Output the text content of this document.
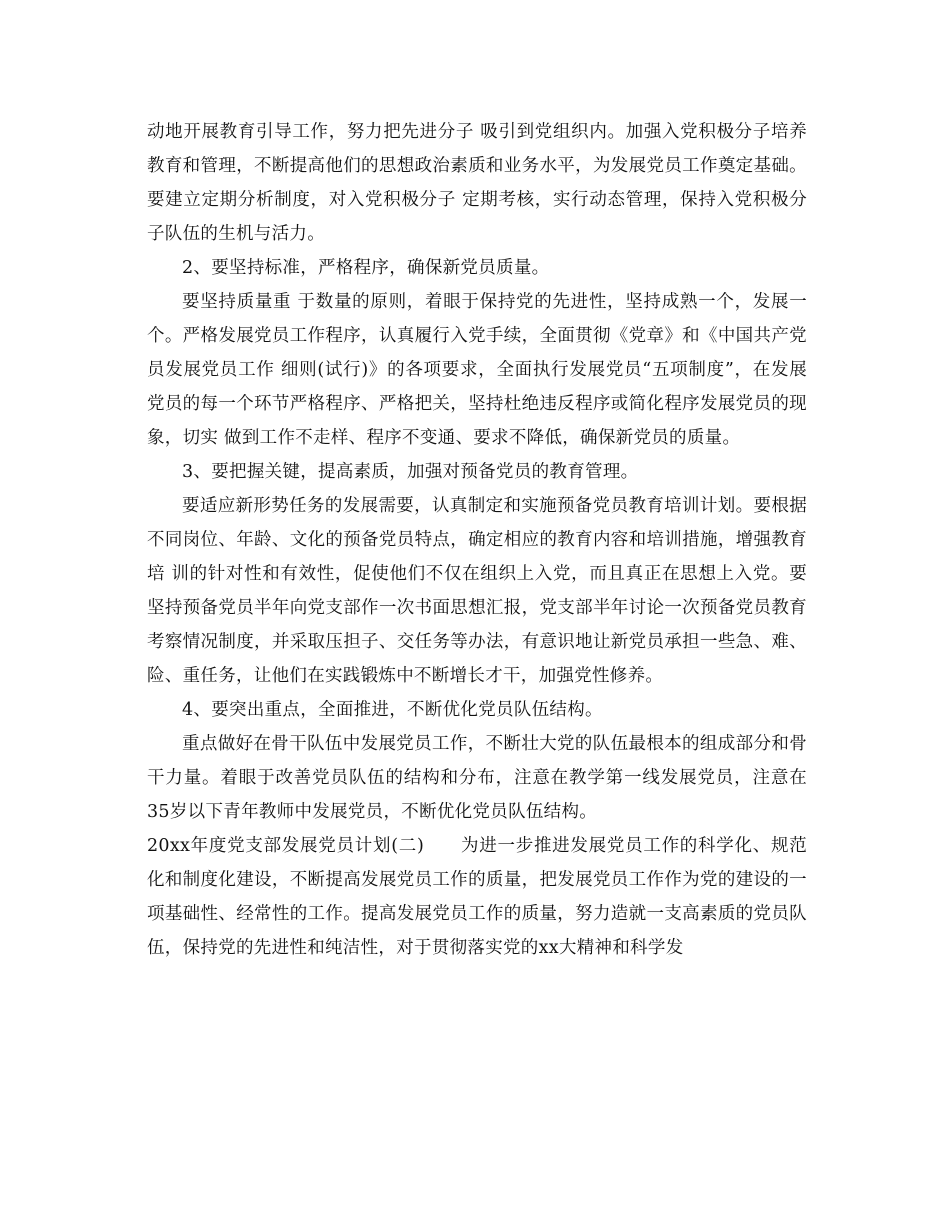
动地开展教育引导工作，努力把先进分子 吸引到党组织内。加强入党积极分子培养教育和管理，不断提高他们的思想政治素质和业务水平，为发展党员工作奠定基础。要建立定期分析制度，对入党积极分子 定期考核，实行动态管理，保持入党积极分子队伍的生机与活力。

2、要坚持标准，严格程序，确保新党员质量。

要坚持质量重 于数量的原则，着眼于保持党的先进性，坚持成熟一个，发展一个。严格发展党员工作程序，认真履行入党手续，全面贯彻《党章》和《中国共产党员发展党员工作 细则(试行)》的各项要求，全面执行发展党员“五项制度”，在发展党员的每一个环节严格程序、严格把关，坚持杜绝违反程序或简化程序发展党员的现象，切实 做到工作不走样、程序不变通、要求不降低，确保新党员的质量。

3、要把握关键，提高素质，加强对预备党员的教育管理。

要适应新形势任务的发展需要，认真制定和实施预备党员教育培训计划。要根据不同岗位、年龄、文化的预备党员特点，确定相应的教育内容和培训措施，增强教育培 训的针对性和有效性，促使他们不仅在组织上入党，而且真正在思想上入党。要坚持预备党员半年向党支部作一次书面思想汇报，党支部半年讨论一次预备党员教育 考察情况制度，并采取压担子、交任务等办法，有意识地让新党员承担一些急、难、险、重任务，让他们在实践锻炼中不断增长才干，加强党性修养。

4、要突出重点，全面推进，不断优化党员队伍结构。

重点做好在骨干队伍中发展党员工作，不断壮大党的队伍最根本的组成部分和骨干力量。着眼于改善党员队伍的结构和分布，注意在教学第一线发展党员，注意在35岁以下青年教师中发展党员，不断优化党员队伍结构。

20xx年度党支部发展党员计划(二)　　为进一步推进发展党员工作的科学化、规范化和制度化建设，不断提高发展党员工作的质量，把发展党员工作作为党的建设的一项基础性、经常性的工作。提高发展党员工作的质量，努力造就一支高素质的党员队伍，保持党的先进性和纯洁性，对于贯彻落实党的xx大精神和科学发
